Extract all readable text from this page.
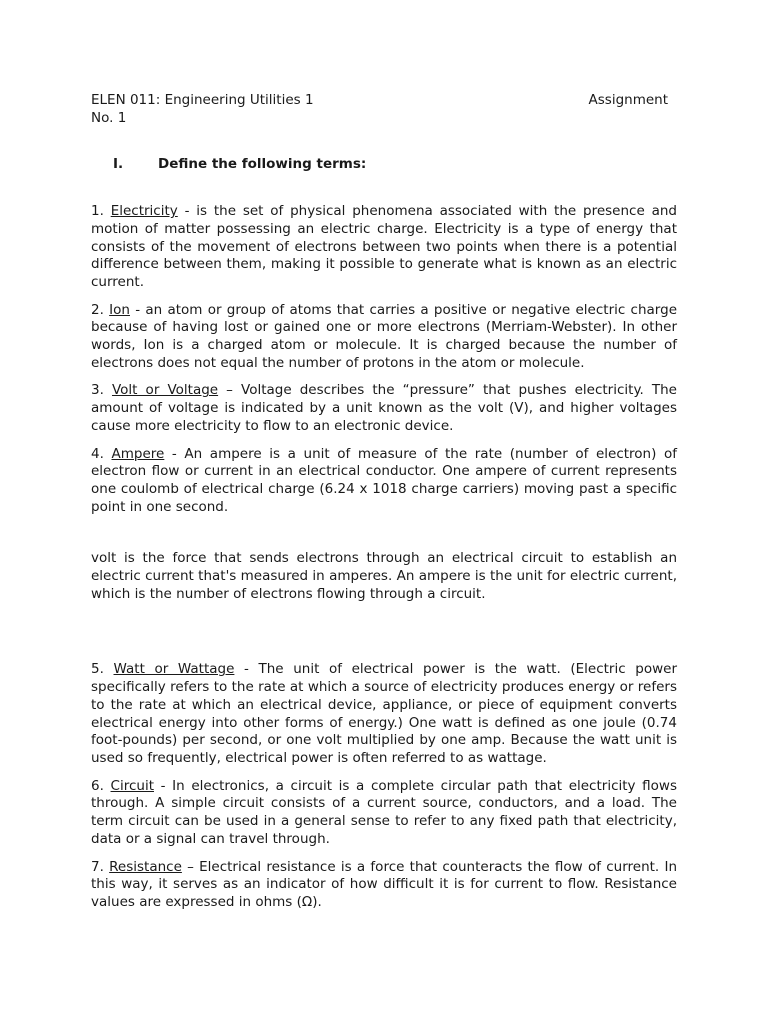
ELEN 011: Engineering Utilities 1	Assignment

No. 1

I.	Define the following terms:

1. Electricity - is the set of physical phenomena associated with the presence and motion of matter possessing an electric charge. Electricity is a type of energy that consists of the movement of electrons between two points when there is a potential difference between them, making it possible to generate what is known as an electric current.

2. Ion - an atom or group of atoms that carries a positive or negative electric charge because of having lost or gained one or more electrons (Merriam-Webster). In other words, Ion is a charged atom or molecule. It is charged because the number of electrons does not equal the number of protons in the atom or molecule.

3. Volt or Voltage – Voltage describes the “pressure” that pushes electricity. The amount of voltage is indicated by a unit known as the volt (V), and higher voltages cause more electricity to flow to an electronic device.

4. Ampere - An ampere is a unit of measure of the rate (number of electron) of electron flow or current in an electrical conductor. One ampere of current represents one coulomb of electrical charge (6.24 x 1018 charge carriers) moving past a specific point in one second.

volt is the force that sends electrons through an electrical circuit to establish an electric current that's measured in amperes. An ampere is the unit for electric current, which is the number of electrons flowing through a circuit.

5. Watt or Wattage - The unit of electrical power is the watt. (Electric power specifically refers to the rate at which a source of electricity produces energy or refers to the rate at which an electrical device, appliance, or piece of equipment converts electrical energy into other forms of energy.) One watt is defined as one joule (0.74 foot-pounds) per second, or one volt multiplied by one amp. Because the watt unit is used so frequently, electrical power is often referred to as wattage.

6. Circuit - In electronics, a circuit is a complete circular path that electricity flows through. A simple circuit consists of a current source, conductors, and a load. The term circuit can be used in a general sense to refer to any fixed path that electricity, data or a signal can travel through.

7. Resistance – Electrical resistance is a force that counteracts the flow of current. In this way, it serves as an indicator of how difficult it is for current to flow. Resistance values are expressed in ohms (Ω).
